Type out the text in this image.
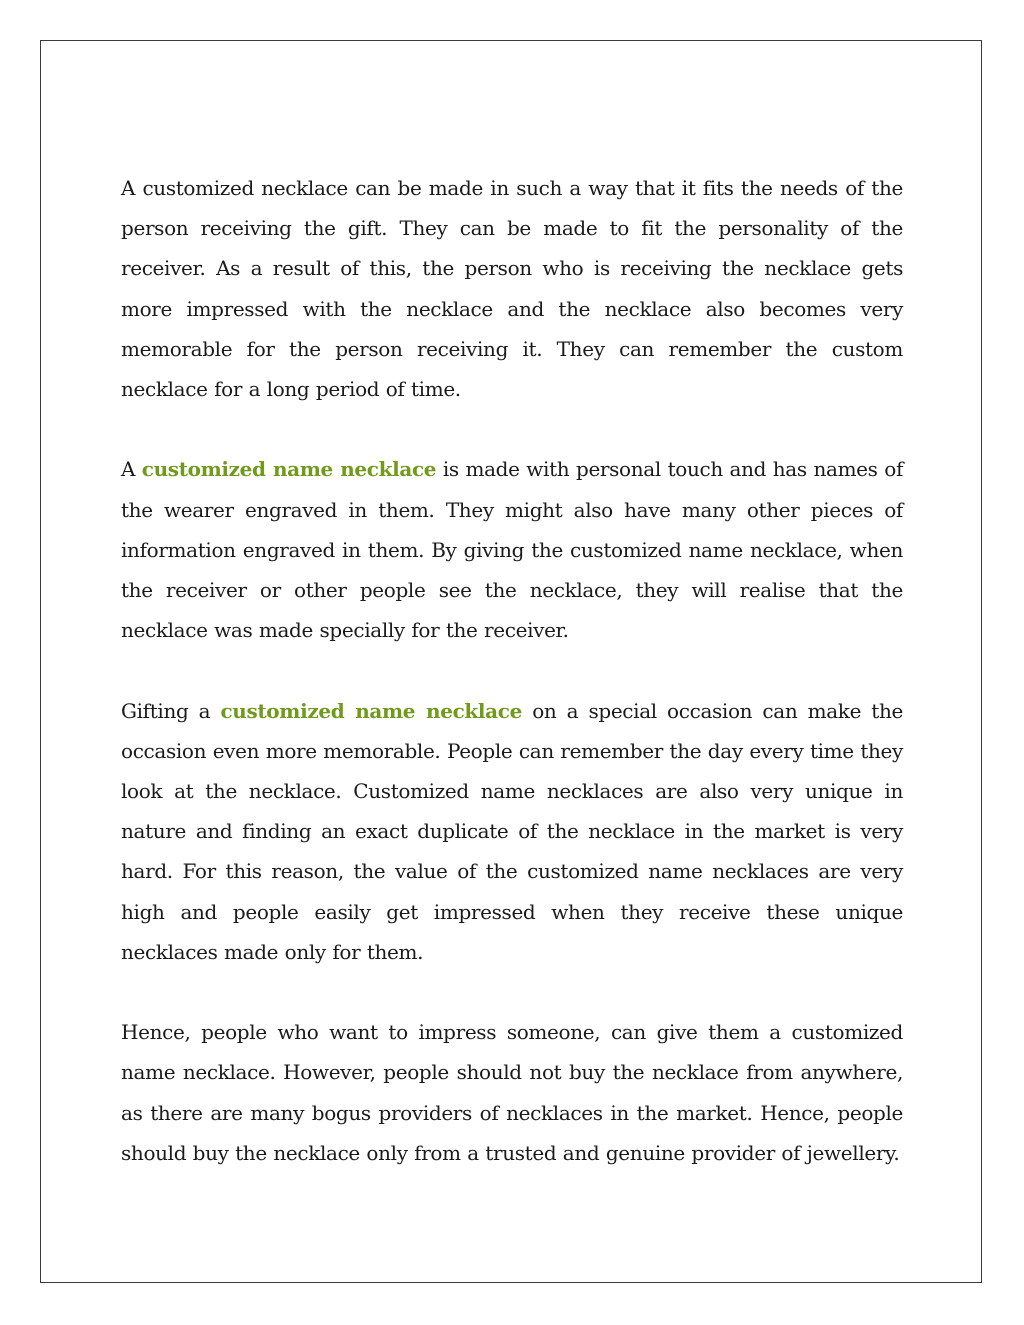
A customized necklace can be made in such a way that it fits the needs of the person receiving the gift. They can be made to fit the personality of the receiver. As a result of this, the person who is receiving the necklace gets more impressed with the necklace and the necklace also becomes very memorable for the person receiving it. They can remember the custom necklace for a long period of time.

A customized name necklace is made with personal touch and has names of the wearer engraved in them. They might also have many other pieces of information engraved in them. By giving the customized name necklace, when the receiver or other people see the necklace, they will realise that the necklace was made specially for the receiver.

Gifting a customized name necklace on a special occasion can make the occasion even more memorable. People can remember the day every time they look at the necklace. Customized name necklaces are also very unique in nature and finding an exact duplicate of the necklace in the market is very hard. For this reason, the value of the customized name necklaces are very high and people easily get impressed when they receive these unique necklaces made only for them.

Hence, people who want to impress someone, can give them a customized name necklace. However, people should not buy the necklace from anywhere, as there are many bogus providers of necklaces in the market. Hence, people should buy the necklace only from a trusted and genuine provider of jewellery.
